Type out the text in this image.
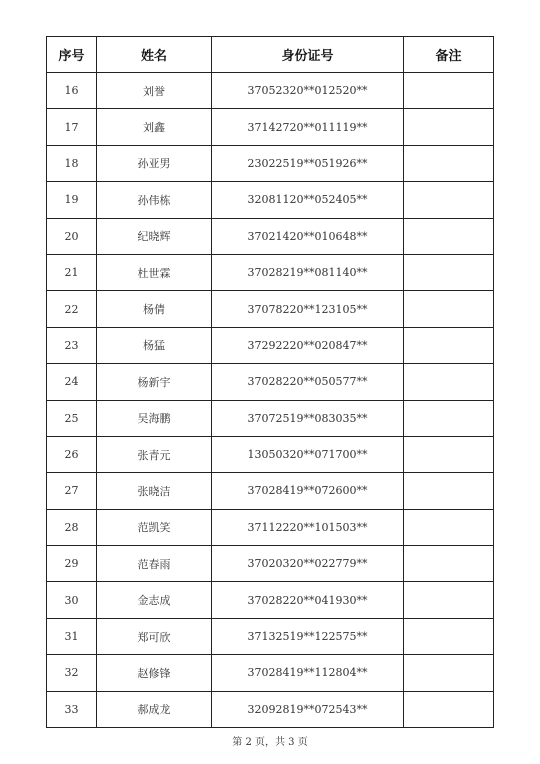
序号	姓名	身份证号	备注
16	刘誉	37052320**012520**	
17	刘鑫	37142720**011119**	
18	孙亚男	23022519**051926**	
19	孙伟栋	32081120**052405**	
20	纪晓辉	37021420**010648**	
21	杜世霖	37028219**081140**	
22	杨倩	37078220**123105**	
23	杨猛	37292220**020847**	
24	杨新宇	37028220**050577**	
25	吴海鹏	37072519**083035**	
26	张青元	13050320**071700**	
27	张晓洁	37028419**072600**	
28	范凯笑	37112220**101503**	
29	范春雨	37020320**022779**	
30	金志成	37028220**041930**	
31	郑可欣	37132519**122575**	
32	赵修锋	37028419**112804**	
33	郝成龙	32092819**072543**	
第 2 页，共 3 页
